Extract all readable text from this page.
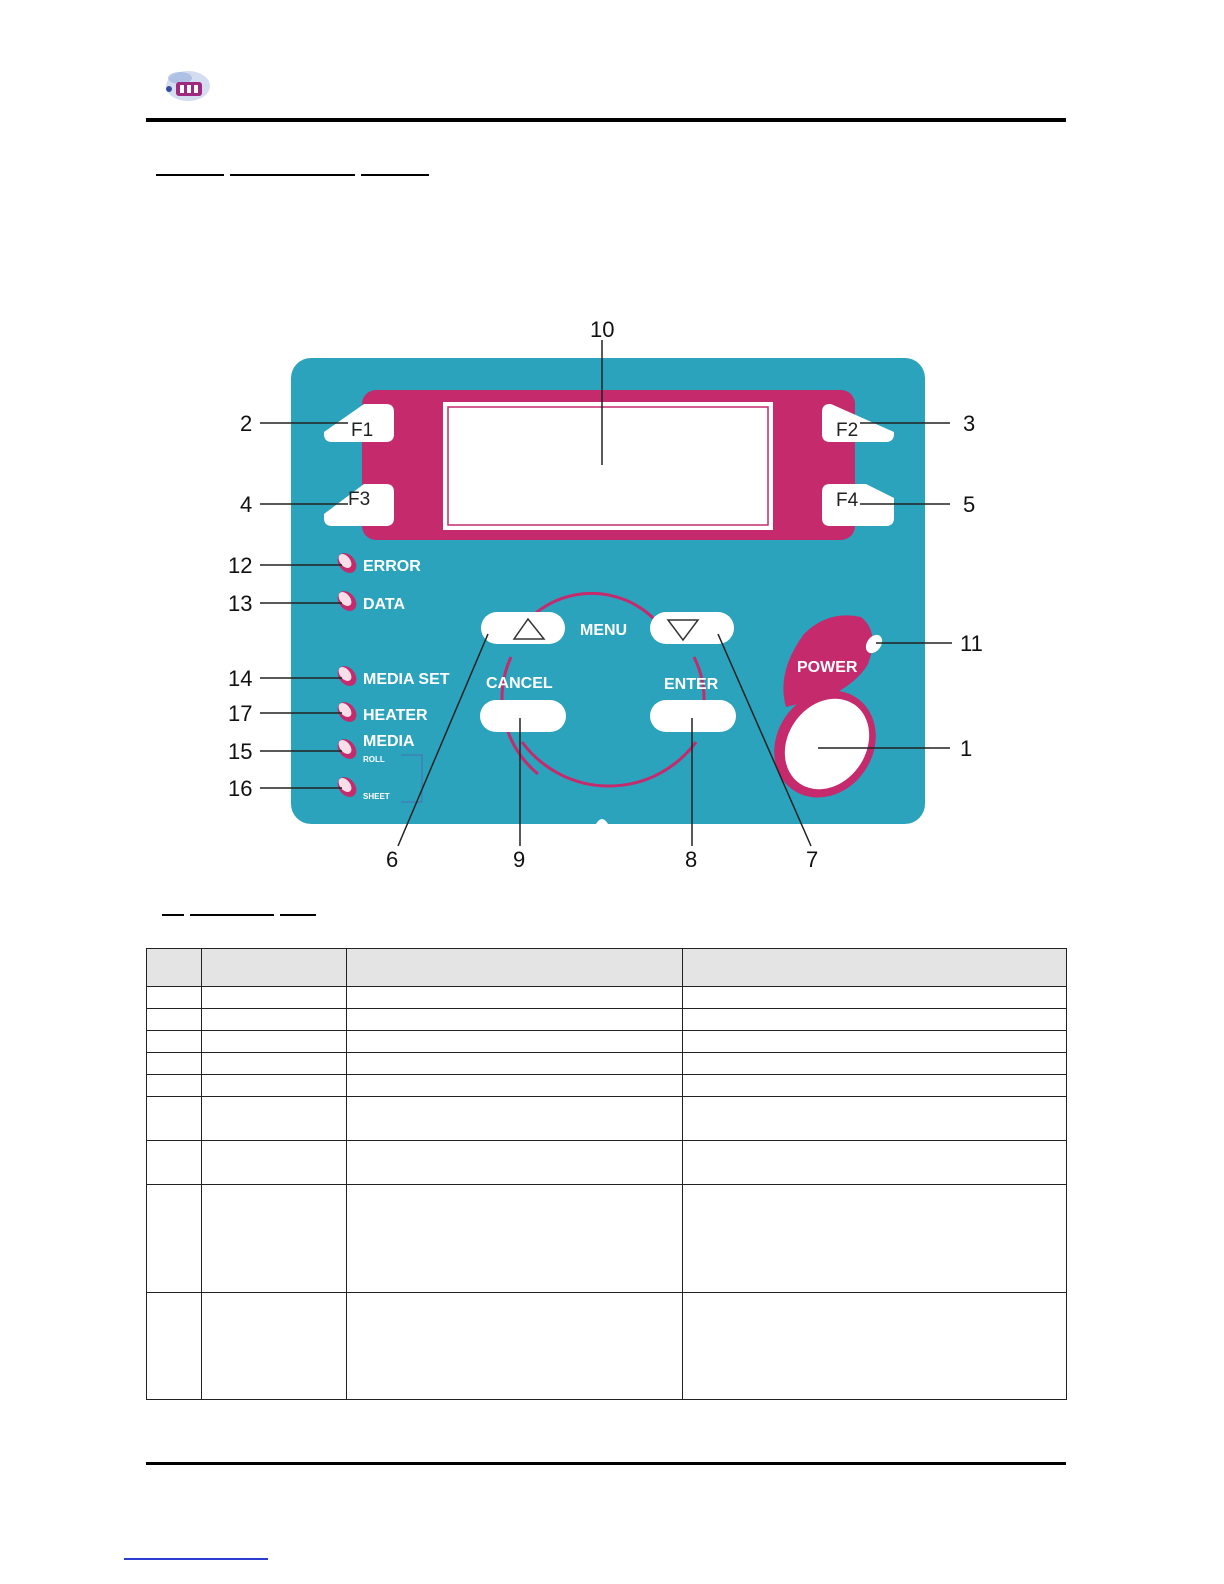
F1
F3
F2
F4
MENU
CANCEL	ENTER
POWER
ERROR
DATA
MEDIA SET
HEATER
MEDIA
ROLL
SHEET
10
2	3
4	5
12
13
14
17
15
16
11
1
6	9	8	7
